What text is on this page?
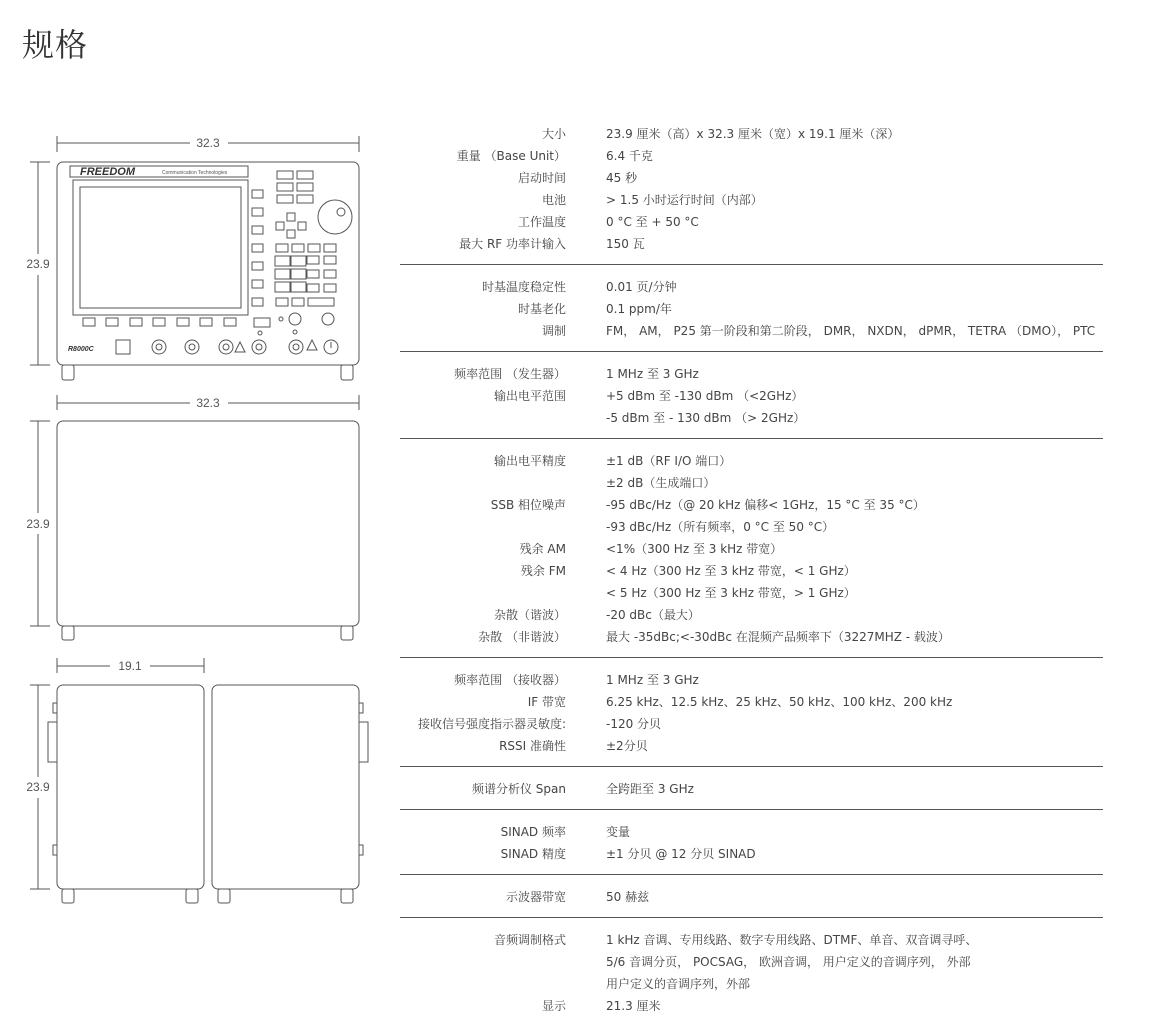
规格
32.3
23.9
FREEDOM	Communication Technologies
R8000C
32.3
23.9
19.1
23.9
大小	23.9 厘米（高）x 32.3 厘米（宽）x 19.1 厘米（深）
重量 （Base Unit）	6.4 千克
启动时间	45 秒
电池	> 1.5 小时运行时间（内部）
工作温度	0 °C 至 + 50 °C
最大 RF 功率计输入	150 瓦
时基温度稳定性	0.01 页/分钟
时基老化	0.1 ppm/年
调制	FM， AM， P25 第一阶段和第二阶段， DMR， NXDN， dPMR， TETRA （DMO）， PTC
频率范围 （发生器）	1 MHz 至 3 GHz
输出电平范围	+5 dBm 至 -130 dBm （<2GHz）
-5 dBm 至 - 130 dBm （> 2GHz）
输出电平精度	±1 dB（RF I/O 端口）
±2 dB（生成端口）
SSB 相位噪声	-95 dBc/Hz（@ 20 kHz 偏移< 1GHz，15 °C 至 35 °C）
-93 dBc/Hz（所有频率，0 °C 至 50 °C）
残余 AM	<1%（300 Hz 至 3 kHz 带宽）
残余 FM	< 4 Hz（300 Hz 至 3 kHz 带宽，< 1 GHz）
< 5 Hz（300 Hz 至 3 kHz 带宽，> 1 GHz）
杂散（谐波）	-20 dBc（最大）
杂散 （非谐波）	最大 -35dBc;<-30dBc 在混频产品频率下（3227MHZ - 载波）
频率范围 （接收器）	1 MHz 至 3 GHz
IF 带宽	6.25 kHz、12.5 kHz、25 kHz、50 kHz、100 kHz、200 kHz
接收信号强度指示器灵敏度:	-120 分贝
RSSI 准确性	±2分贝
频谱分析仪 Span	全跨距至 3 GHz
SINAD 频率	变量
SINAD 精度	±1 分贝 @ 12 分贝 SINAD
示波器带宽	50 赫兹
音频调制格式	1 kHz 音调、专用线路、数字专用线路、DTMF、单音、双音调寻呼、
5/6 音调分页， POCSAG， 欧洲音调， 用户定义的音调序列， 外部
用户定义的音调序列，外部
显示	21.3 厘米
